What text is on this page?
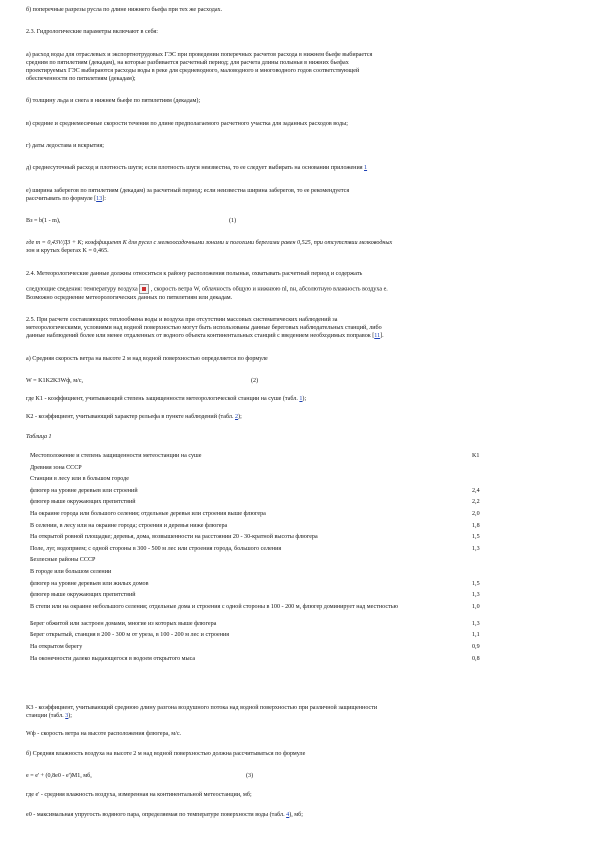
б) поперечные разрезы русла по длине нижнего бьефа при тех же расходах.
2.3. Гидрологические параметры включают в себя:
а) расход воды для отраслевых и экспортнотрудовых ГЭС при проведении поперечных расчетов расхода в нижнем бьефе выбирается
средним по пятилетиям (декадам), на которые разбивается расчетный период; для расчета длины полыньи в нижних бьефах
проектируемых ГЭС выбираются расходы воды в реке для средневодного, маловодного и многоводного годов соответствующей
обеспеченности по пятилетиям (декадам);
б) толщину льда и снега в нижнем бьефе по пятилетиям (декадам);
в) средние и среднемесячные скорости течения по длине предполагаемого расчетного участка для заданных расходов воды;
г) даты ледостава и вскрытия;
д) среднесуточный расход и плотность шуги; если плотность шуги неизвестна, то ее следует выбирать на основании приложения 1
е) ширина заберегов по пятилетиям (декадам) за расчетный период; если неизвестна ширина заберегов, то ее рекомендуется
рассчитывать по формуле [13]:
Bз = b(1 - m),	(1)
где m = 0,43V/Д3 + K; коэффициент K для русел с мелкоосадочными зонами и пологими берегами равен 0,525, при отсутствии мелководных
зон и крутых берегах K = 0,465.
2.4. Метеорологические данные должны относиться к району расположения полыньи, охватывать расчетный период и содержать
следующие сведения: температуру воздуха , скорость ветра W, облачность общую и нижнюю nl, nн, абсолютную влажность воздуха e.
Возможно осреднение метеорологических данных по пятилетиям или декадам.
2.5. При расчете составляющих теплообмена воды и воздуха при отсутствии массовых систематических наблюдений за
метеорологическими, условиями над водной поверхностью могут быть использованы данные береговых наблюдательных станций, либо
данные наблюдений более или менее отдаленных от водного объекта континентальных станций с введением необходимых поправок [11].
а) Средняя скорость ветра на высоте 2 м над водной поверхностью определяется по формуле
W = K1K2K3Wф, м/с,	(2)
где K1 - коэффициент, учитывающий степень защищенности метеорологической станции на суше (табл. 1);
K2 - коэффициент, учитывающий характер рельефа в пункте наблюдений (табл. 2);
Таблица 1
Местоположение и степень защищенности метеостанции на суше	K1
Древняя зона СССР
Станции в лесу или в большом городе
флюгер на уровне деревьев или строений	2,4
флюгер выше окружающих препятствий	2,2
На окраине города или большого селения; отдельные деревья или строения выше флюгера	2,0
В селении, в лесу или на окраине города; строения и деревья ниже флюгера	1,8
На открытой ровной площадке; деревья, дома, возвышенности на расстоянии 20 - 30-кратной высоты флюгера	1,5
Поле, луг, водоприем; с одной стороны в 300 - 500 м лес или строения города, большого селения	1,3
Безлесные районы СССР
В городе или большом селении
флюгер на уровне деревьев или жилых домов	1,5
флюгер выше окружающих препятствий	1,3
В степи или на окраине небольшого селения; отдельные дома и строения с одной стороны в 100 - 200 м, флюгер доминирует над местностью	1,0
Берег обжитой или застроен домами, многие из которых выше флюгера	1,3
Берег открытый, станция в 200 - 300 м от уреза, в 100 - 200 м лес и строения	1,1
На открытом берегу	0,9
На оконечности далеко выдающегося в водоем открытого мыса	0,8
K3 - коэффициент, учитывающий среднюю длину разгона воздушного потока над водной поверхностью при различной защищенности
станции (табл. 3);
Wф - скорость ветра на высоте расположения флюгера, м/с.
б) Средняя влажность воздуха на высоте 2 м над водной поверхностью должна рассчитываться по формуле
e = e' + (0,8e0 - e')M1, мб,	(3)
где e' - средняя влажность воздуха, измеренная на континентальной метеостанции, мб;
e0 - максимальная упругость водяного пара, определяемая по температуре поверхности воды (табл. 4), мб;
